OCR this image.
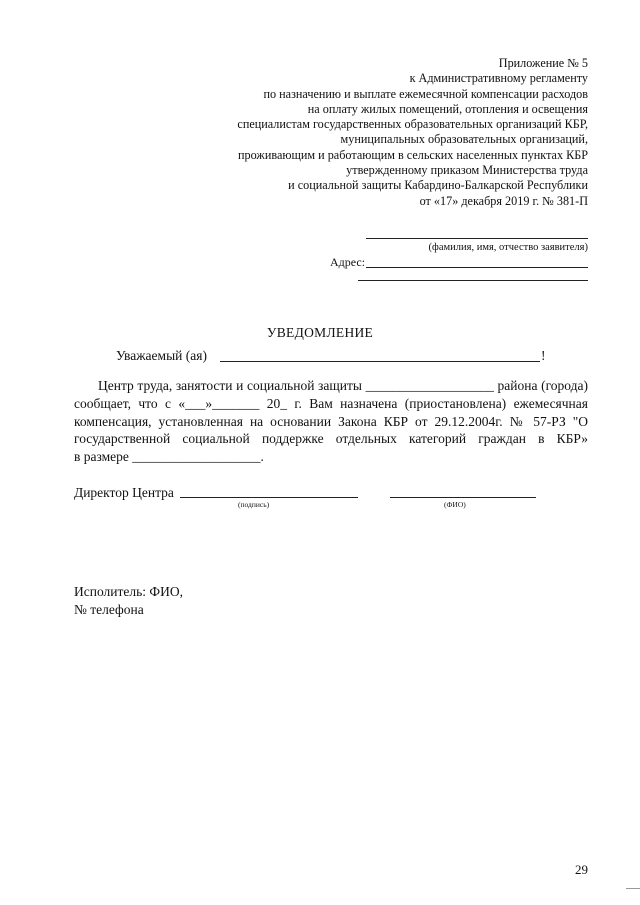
Приложение № 5
к Административному регламенту
по назначению и выплате ежемесячной компенсации расходов
на оплату жилых помещений, отопления и освещения
специалистам государственных образовательных организаций КБР,
муниципальных образовательных организаций,
проживающим и работающим в сельских населенных пунктах КБР
утвержденному приказом Министерства труда
и социальной защиты Кабардино-Балкарской Республики
от «17» декабря 2019 г. № 381-П
(фамилия, имя, отчество заявителя)
Адрес:
УВЕДОМЛЕНИЕ
Уважаемый (ая)	!
Центр труда, занятости и социальной защиты ___________________ района (города)
сообщает, что с «___»_______ 20_ г. Вам назначена (приостановлена) ежемесячная
компенсация, установленная на основании Закона КБР от 29.12.2004г. № 57-РЗ "О
государственной социальной поддержке отдельных категорий граждан в КБР»
в размере ___________________.
Директор Центра
(подпись)	(ФИО)
Исполитель: ФИО,
№ телефона
29
